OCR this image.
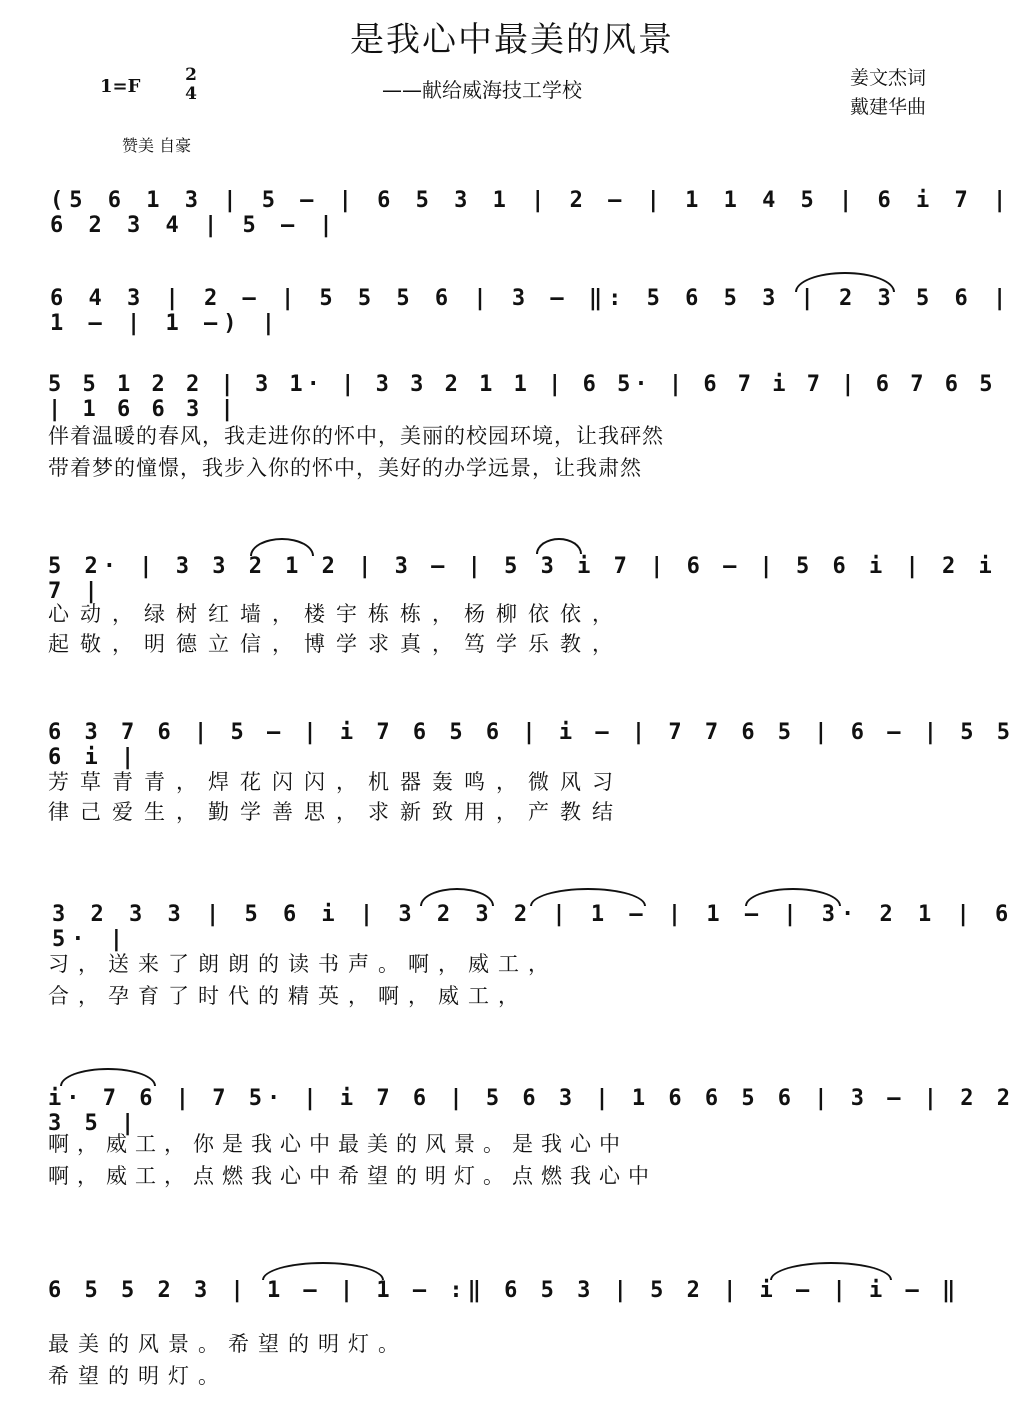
是我心中最美的风景
1=F
2
4	——献给威海技工学校	姜文杰词
戴建华曲
赞美 自豪
(5 6 1 3 | 5 – | 6 5 3 1 | 2 – | 1 1 4 5 | 6 i 7 | 6 2 3 4 | 5 – |
6 4 3 | 2 – | 5 5 5 6 | 3 – ‖: 5 6 5 3 | 2 3 5 6 | 1 – | 1 –) |
5 5 1 2 2 | 3 1· | 3 3 2 1 1 | 6 5· | 6 7 i 7 | 6 7 6 5 | 1 6 6 3 |
伴着温暖的春风，我走进你的怀中，美丽的校园环境，让我砰然
带着梦的憧憬，我步入你的怀中，美好的办学远景，让我肃然
5 2· | 3 3 2 1 2 | 3 – | 5 3 i 7 | 6 – | 5 6 i | 2 i 7 |
心动，绿树红墙，楼宇栋栋，杨柳依依，
起敬，明德立信，博学求真，笃学乐教，
6 3 7 6 | 5 – | i 7 6 5 6 | i – | 7 7 6 5 | 6 – | 5 5 6 i |
芳草青青，焊花闪闪，机器轰鸣，微风习
律己爱生，勤学善思，求新致用，产教结
3 2 3 3 | 5 6 i | 3 2 3 2 | 1 – | 1 – | 3· 2 1 | 6 5· |
习，送来了朗朗的读书声。啊，威工，
合，孕育了时代的精英，啊，威工，
i· 7 6 | 7 5· | i 7 6 | 5 6 3 | 1 6 6 5 6 | 3 – | 2 2 3 5 |
啊，威工，你是我心中最美的风景。是我心中
啊，威工，点燃我心中希望的明灯。点燃我心中
6 5 5 2 3 | 1 – | 1 – :‖ 6 5 3 | 5 2 | i – | i – ‖
最美的风景。希望的明灯。
希望的明灯。
